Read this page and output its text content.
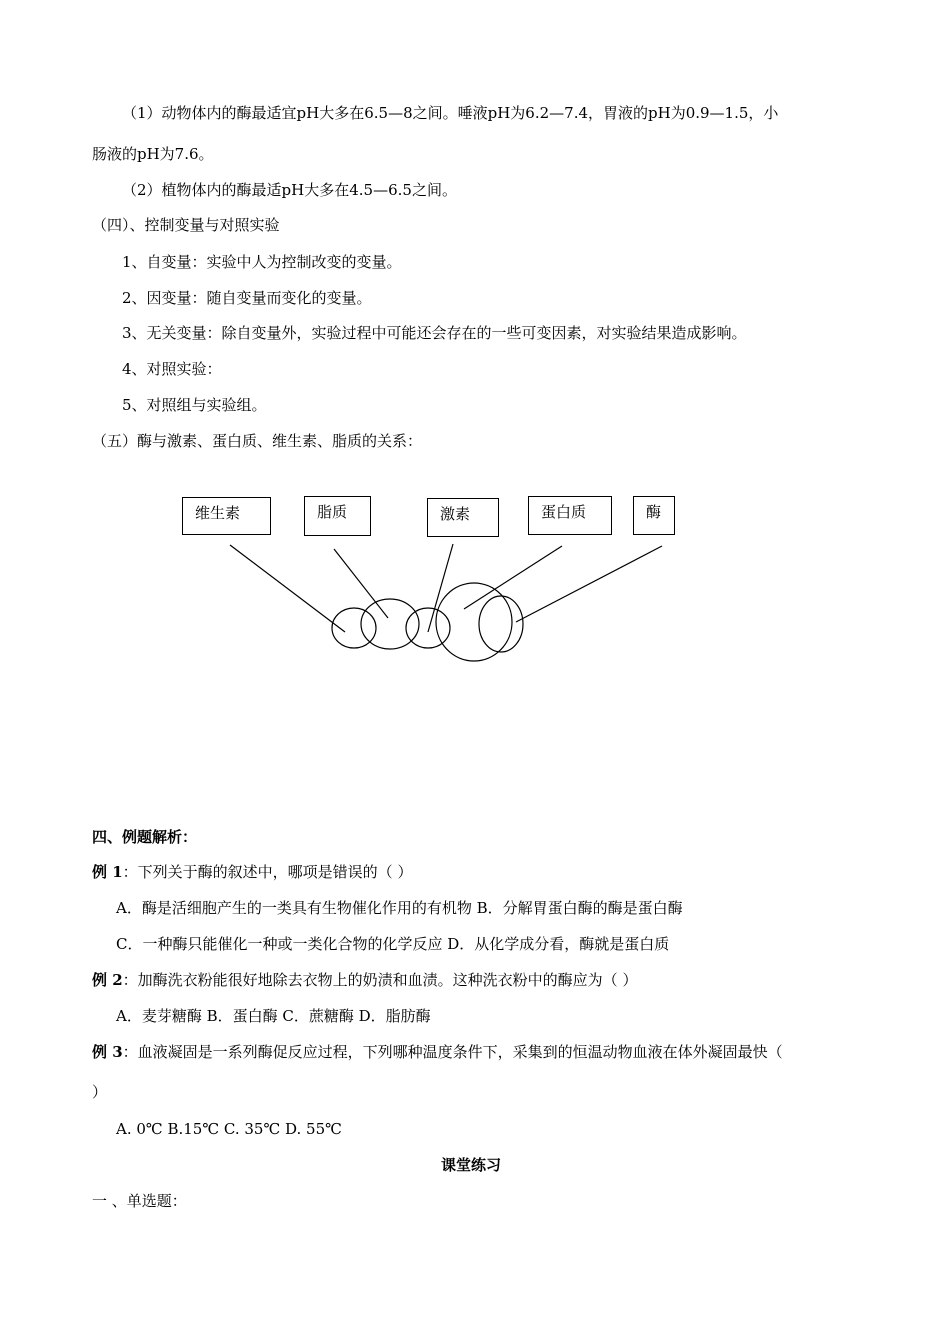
（1）动物体内的酶最适宜pH大多在6.5—8之间。唾液pH为6.2—7.4，胃液的pH为0.9—1.5，小
肠液的pH为7.6。
（2）植物体内的酶最适pH大多在4.5—6.5之间。
（四）、控制变量与对照实验
1、自变量：实验中人为控制改变的变量。
2、因变量：随自变量而变化的变量。
3、无关变量：除自变量外，实验过程中可能还会存在的一些可变因素，对实验结果造成影响。
4、对照实验：
5、对照组与实验组。
（五）酶与激素、蛋白质、维生素、脂质的关系：
维生素	脂质	激素	蛋白质	酶
四、例题解析：
例 1：下列关于酶的叙述中，哪项是错误的（ ）
A．酶是活细胞产生的一类具有生物催化作用的有机物 B．分解胃蛋白酶的酶是蛋白酶
C．一种酶只能催化一种或一类化合物的化学反应 D．从化学成分看，酶就是蛋白质
例 2：加酶洗衣粉能很好地除去衣物上的奶渍和血渍。这种洗衣粉中的酶应为（ ）
A．麦芽糖酶 B．蛋白酶 C．蔗糖酶 D．脂肪酶
例 3：血液凝固是一系列酶促反应过程，下列哪种温度条件下，采集到的恒温动物血液在体外凝固最快（
）
A. 0℃ B.15℃ C. 35℃ D. 55℃
课堂练习
一 、单选题：
